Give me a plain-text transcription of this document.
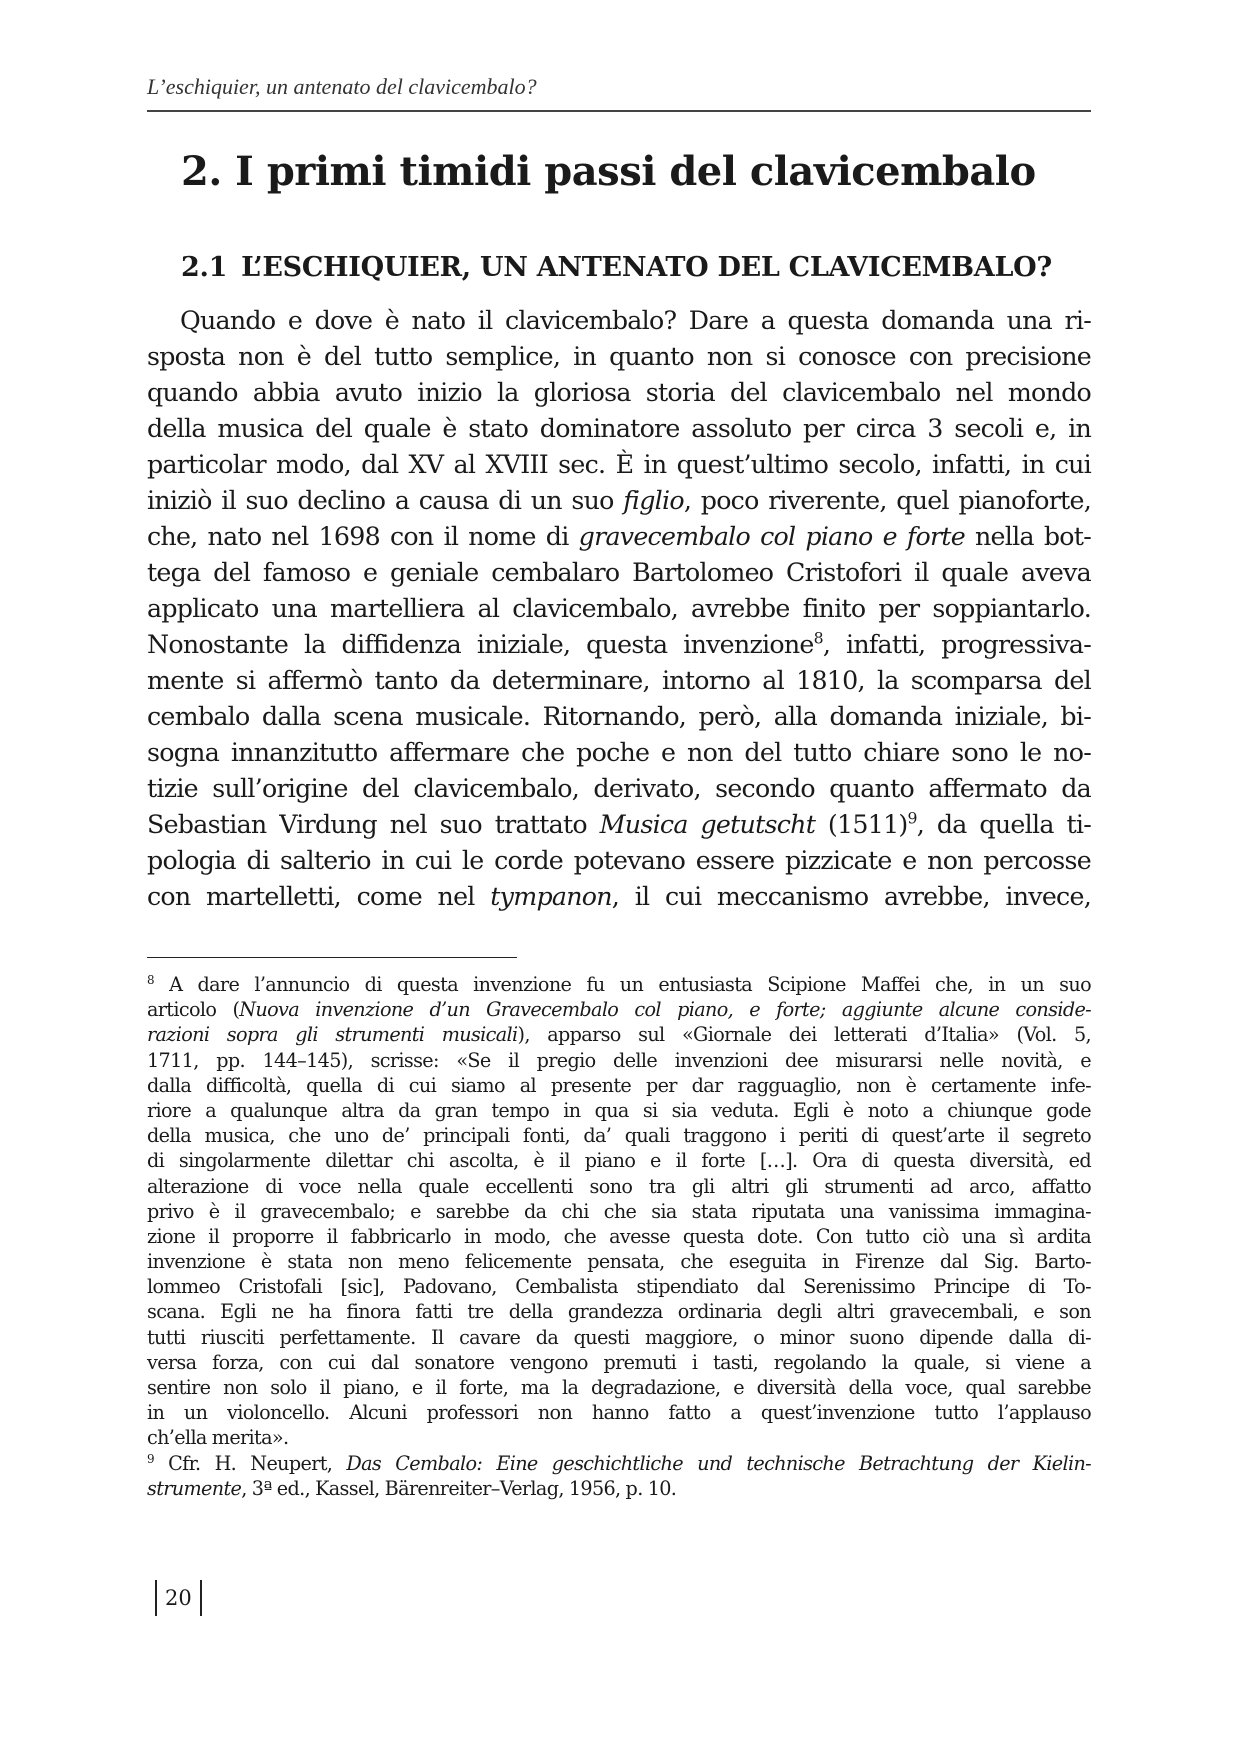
L’eschiquier, un antenato del clavicembalo?
2. I primi timidi passi del clavicembalo
2.1 L’ESCHIQUIER, UN ANTENATO DEL CLAVICEMBALO?
Quando e dove è nato il clavicembalo? Dare a questa domanda una ri-
sposta non è del tutto semplice, in quanto non si conosce con precisione
quando abbia avuto inizio la gloriosa storia del clavicembalo nel mondo
della musica del quale è stato dominatore assoluto per circa 3 secoli e, in
particolar modo, dal XV al XVIII sec. È in quest’ultimo secolo, infatti, in cui
iniziò il suo declino a causa di un suo figlio, poco riverente, quel pianoforte,
che, nato nel 1698 con il nome di gravecembalo col piano e forte nella bot-
tega del famoso e geniale cembalaro Bartolomeo Cristofori il quale aveva
applicato una martelliera al clavicembalo, avrebbe finito per soppiantarlo.
Nonostante la diffidenza iniziale, questa invenzione$^8$, infatti, progressiva-
mente si affermò tanto da determinare, intorno al 1810, la scomparsa del
cembalo dalla scena musicale. Ritornando, però, alla domanda iniziale, bi-
sogna innanzitutto affermare che poche e non del tutto chiare sono le no-
tizie sull’origine del clavicembalo, derivato, secondo quanto affermato da
Sebastian Virdung nel suo trattato Musica getutscht $(1511)^9$, da quella ti-
pologia di salterio in cui le corde potevano essere pizzicate e non percosse
con martelletti, come nel tympanon, il cui meccanismo avrebbe, invece,
$^8$ A dare l’annuncio di questa invenzione fu un entusiasta Scipione Maffei che, in un suo
articolo (Nuova invenzione d’un Gravecembalo col piano, e forte; aggiunte alcune conside-
razioni sopra gli strumenti musicali), apparso sul «Giornale dei letterati d’Italia» (Vol. 5,
1711, pp. 144–145), scrisse: «Se il pregio delle invenzioni dee misurarsi nelle novità, e
dalla difficoltà, quella di cui siamo al presente per dar ragguaglio, non è certamente infe-
riore a qualunque altra da gran tempo in qua si sia veduta. Egli è noto a chiunque gode
della musica, che uno de’ principali fonti, da’ quali traggono i periti di quest’arte il segreto
di singolarmente dilettar chi ascolta, è il piano e il forte […]. Ora di questa diversità, ed
alterazione di voce nella quale eccellenti sono tra gli altri gli strumenti ad arco, affatto
privo è il gravecembalo; e sarebbe da chi che sia stata riputata una vanissima immagina-
zione il proporre il fabbricarlo in modo, che avesse questa dote. Con tutto ciò una sì ardita
invenzione è stata non meno felicemente pensata, che eseguita in Firenze dal Sig. Barto-
lommeo Cristofali [sic], Padovano, Cembalista stipendiato dal Serenissimo Principe di To-
scana. Egli ne ha finora fatti tre della grandezza ordinaria degli altri gravecembali, e son
tutti riusciti perfettamente. Il cavare da questi maggiore, o minor suono dipende dalla di-
versa forza, con cui dal sonatore vengono premuti i tasti, regolando la quale, si viene a
sentire non solo il piano, e il forte, ma la degradazione, e diversità della voce, qual sarebbe
in un violoncello. Alcuni professori non hanno fatto a quest’invenzione tutto l’applauso
ch’ella merita».
$^9$ Cfr. H. Neupert, Das Cembalo: Eine geschichtliche und technische Betrachtung der Kielin-
strumente, 3ª ed., Kassel, Bärenreiter–Verlag, 1956, p. 10.
20
